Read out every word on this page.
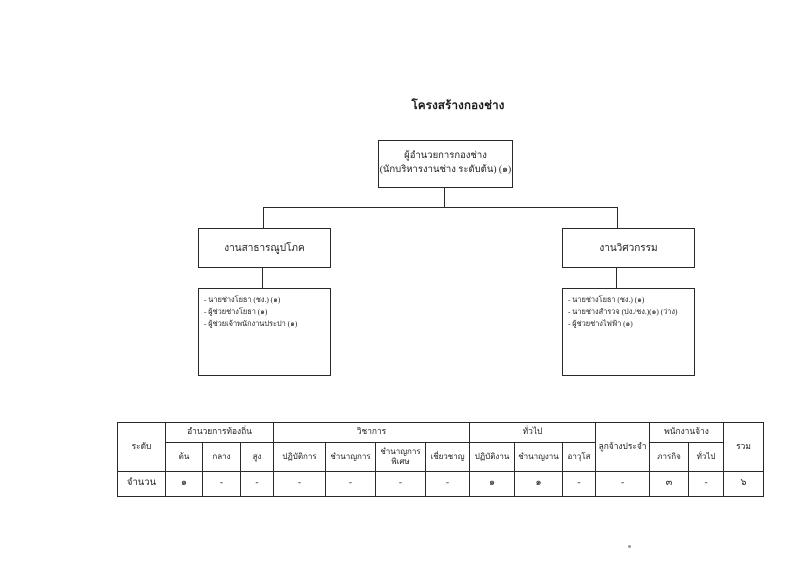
โครงสร้างกองช่าง
ผู้อำนวยการกองช่าง
(นักบริหารงานช่าง ระดับต้น) (๑)
งานสาธารณูปโภค	งานวิศวกรรม
- นายช่างโยธา (ชง.) (๑)
- ผู้ช่วยช่างโยธา (๑)
- ผู้ช่วยเจ้าพนักงานประปา (๑)
- นายช่างโยธา (ชง.) (๑)
- นายช่างสำรวจ (ปง./ชง.)(๑) (ว่าง)
- ผู้ช่วยช่างไฟฟ้า (๑)
ระดับ	อำนวยการท้องถิ่น			วิชาการ				ทั่วไป			ลูกจ้างประจำ	พนักงานจ้าง		รวม
	ต้น	กลาง	สูง	ปฏิบัติการ	ชำนาญการ	ชำนาญการพิเศษ	เชี่ยวชาญ	ปฏิบัติงาน	ชำนาญงาน	อาวุโส		ภารกิจ	ทั่วไป	
จำนวน	๑	-	-	-	-	-	-	๑	๑	-	-	๓	-	๖
